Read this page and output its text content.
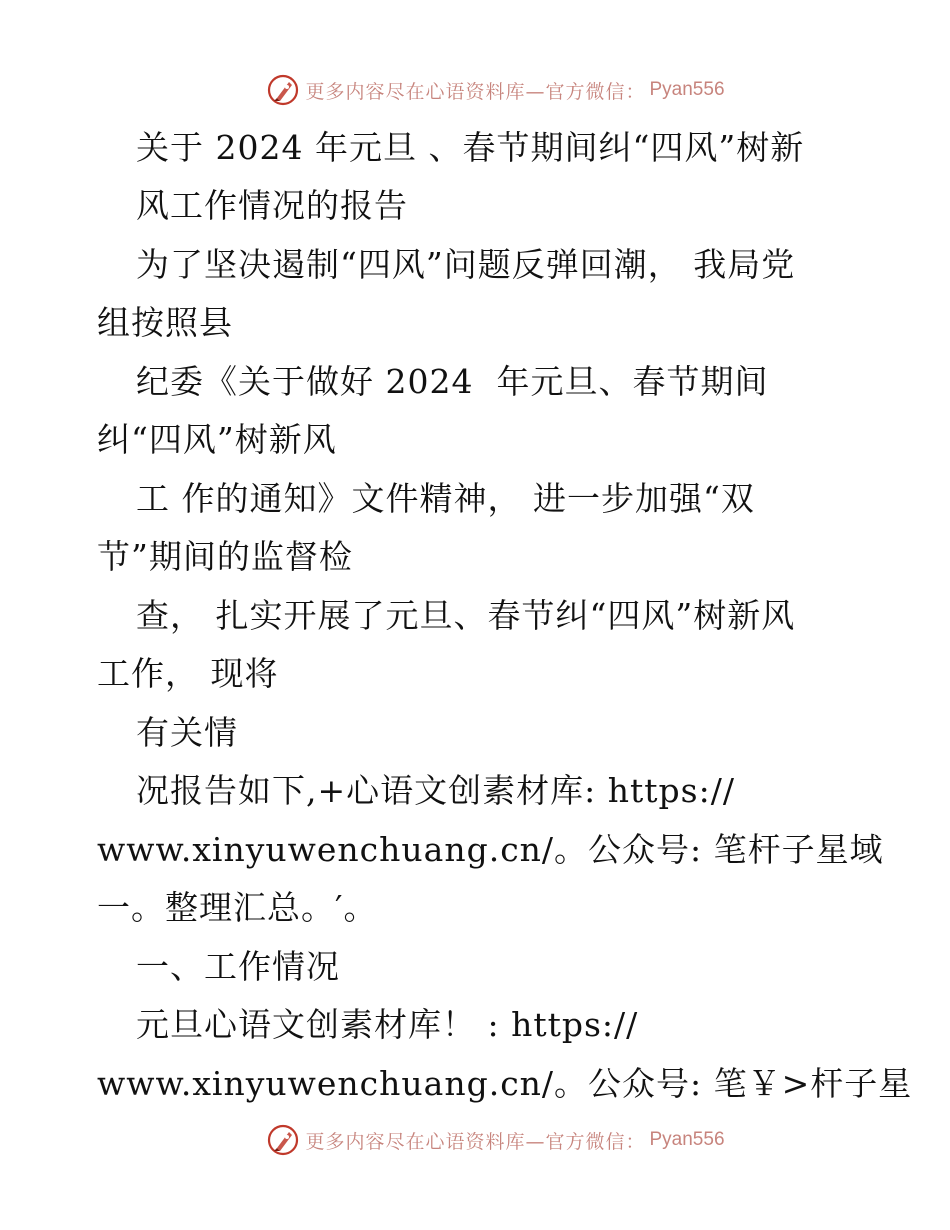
更多内容尽在心语资料库—官方微信： Pyan556
关于 2024 年元旦 、春节期间纠“四风”树新
风工作情况的报告
为了坚决遏制“四风”问题反弹回潮， 我局党
组按照县
纪委《关于做好 2024  年元旦、春节期间
纠“四风”树新风
工 作的通知》文件精神， 进一步加强“双
节”期间的监督检
查， 扎实开展了元旦、春节纠“四风”树新风
工作， 现将
有关情
况报告如下,+心语文创素材库: https://
www.xinyuwenchuang.cn/。公众号: 笔杆子星域
一。整理汇总。′。
一、工作情况
元旦心语文创素材库！ : https://
www.xinyuwenchuang.cn/。公众号: 笔￥>杆子星
更多内容尽在心语资料库—官方微信： Pyan556
